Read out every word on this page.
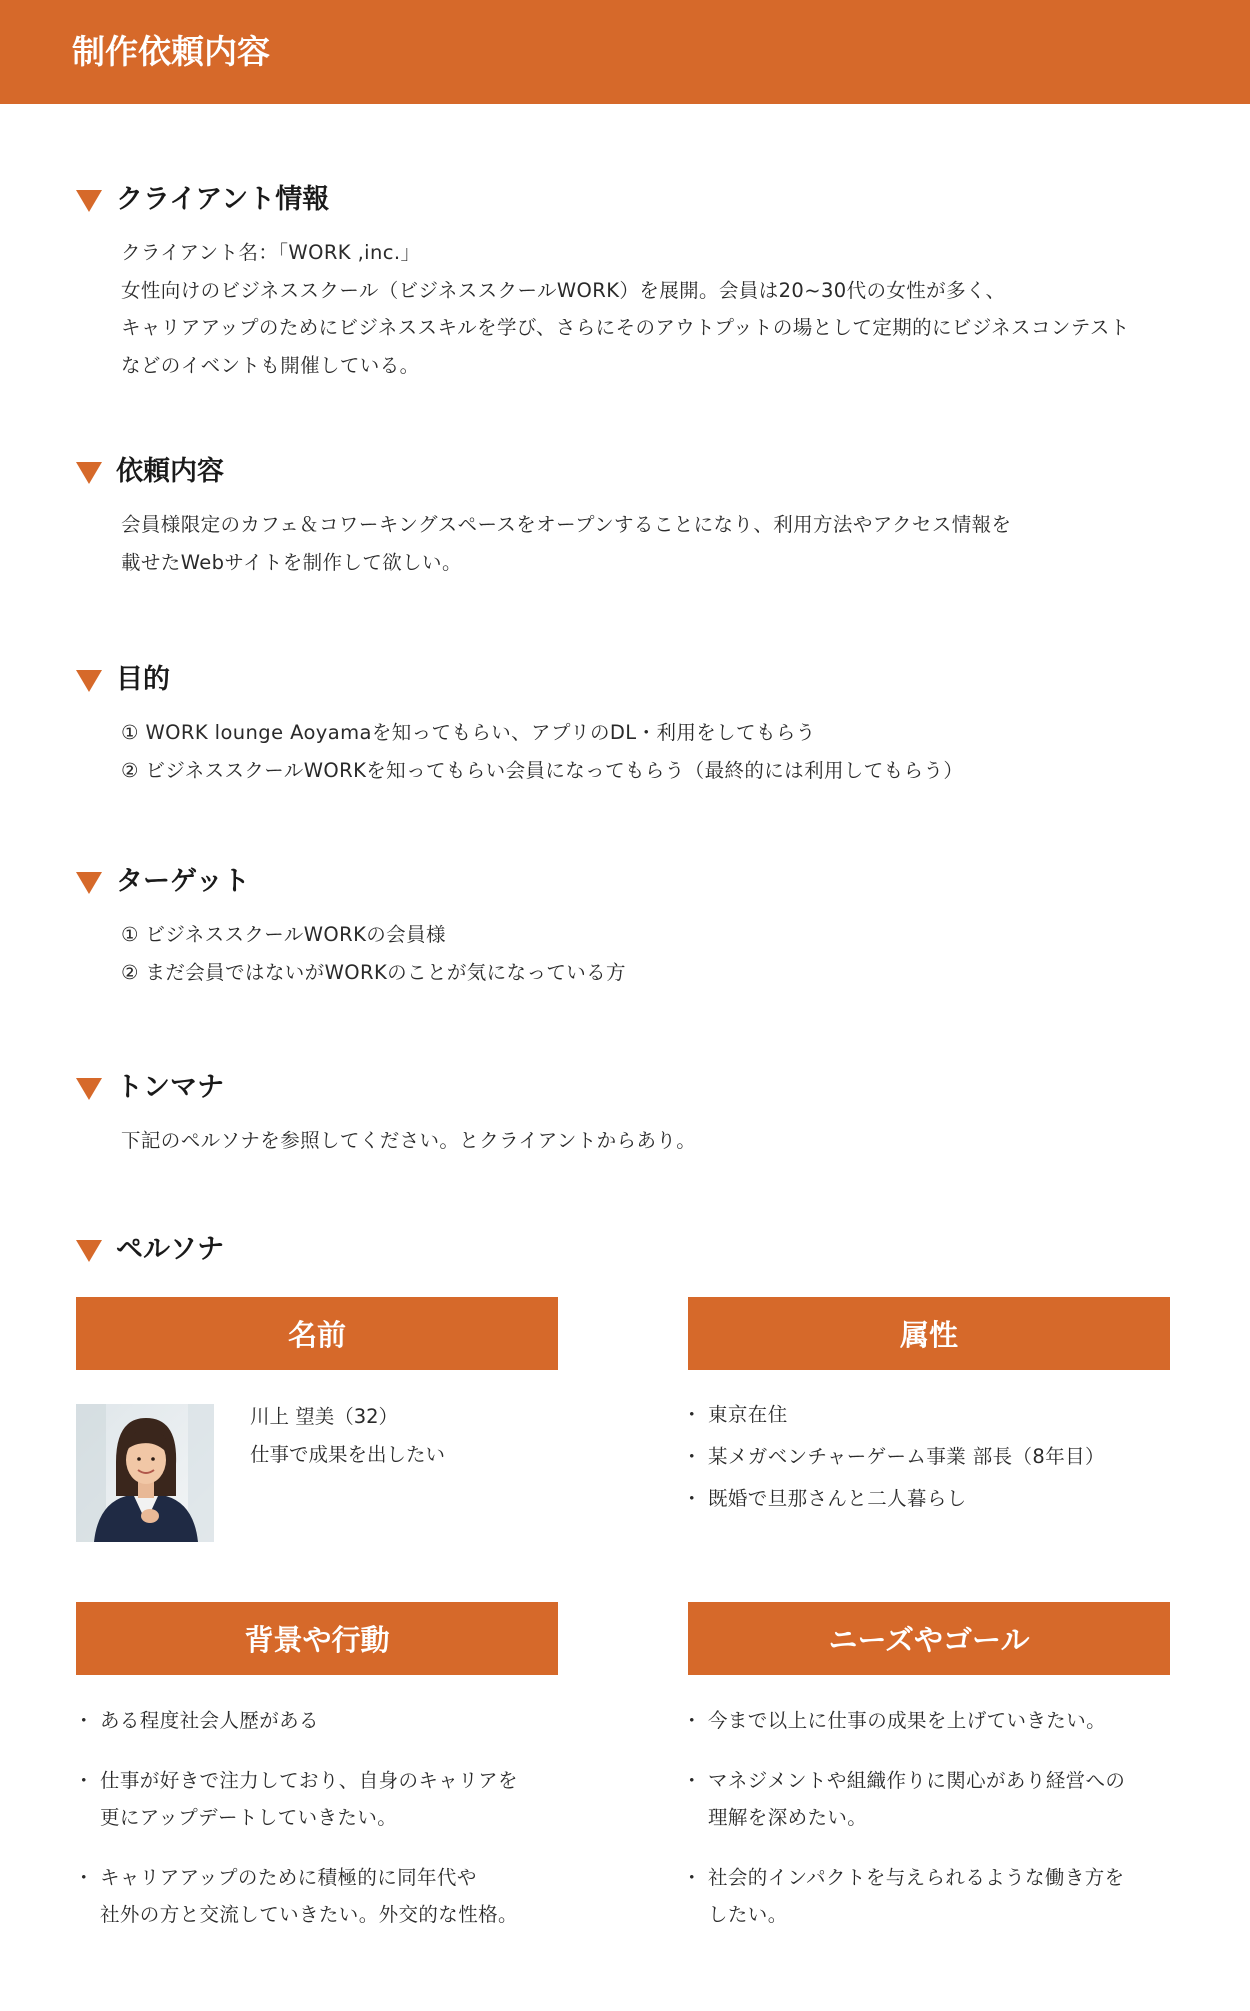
制作依頼内容
クライアント情報
クライアント名：「WORK ,inc.」
女性向けのビジネススクール（ビジネススクールWORK）を展開。会員は20~30代の女性が多く、
キャリアアップのためにビジネススキルを学び、さらにそのアウトプットの場として定期的にビジネスコンテスト
などのイベントも開催している。
依頼内容
会員様限定のカフェ＆コワーキングスペースをオープンすることになり、利用方法やアクセス情報を
載せたWebサイトを制作して欲しい。
目的
① WORK lounge Aoyamaを知ってもらい、アプリのDL・利用をしてもらう
② ビジネススクールWORKを知ってもらい会員になってもらう（最終的には利用してもらう）
ターゲット
① ビジネススクールWORKの会員様
② まだ会員ではないがWORKのことが気になっている方
トンマナ
下記のペルソナを参照してください。とクライアントからあり。
ペルソナ
名前	属性
川上 望美（32）
仕事で成果を出したい
・ 東京在住
・ 某メガベンチャーゲーム事業 部長（8年目）
・ 既婚で旦那さんと二人暮らし
背景や行動	ニーズやゴール
・ ある程度社会人歴がある
・ 仕事が好きで注力しており、自身のキャリアを
更にアップデートしていきたい。
・ キャリアアップのために積極的に同年代や
社外の方と交流していきたい。外交的な性格。
・ 今まで以上に仕事の成果を上げていきたい。
・ マネジメントや組織作りに関心があり経営への
理解を深めたい。
・ 社会的インパクトを与えられるような働き方を
したい。
